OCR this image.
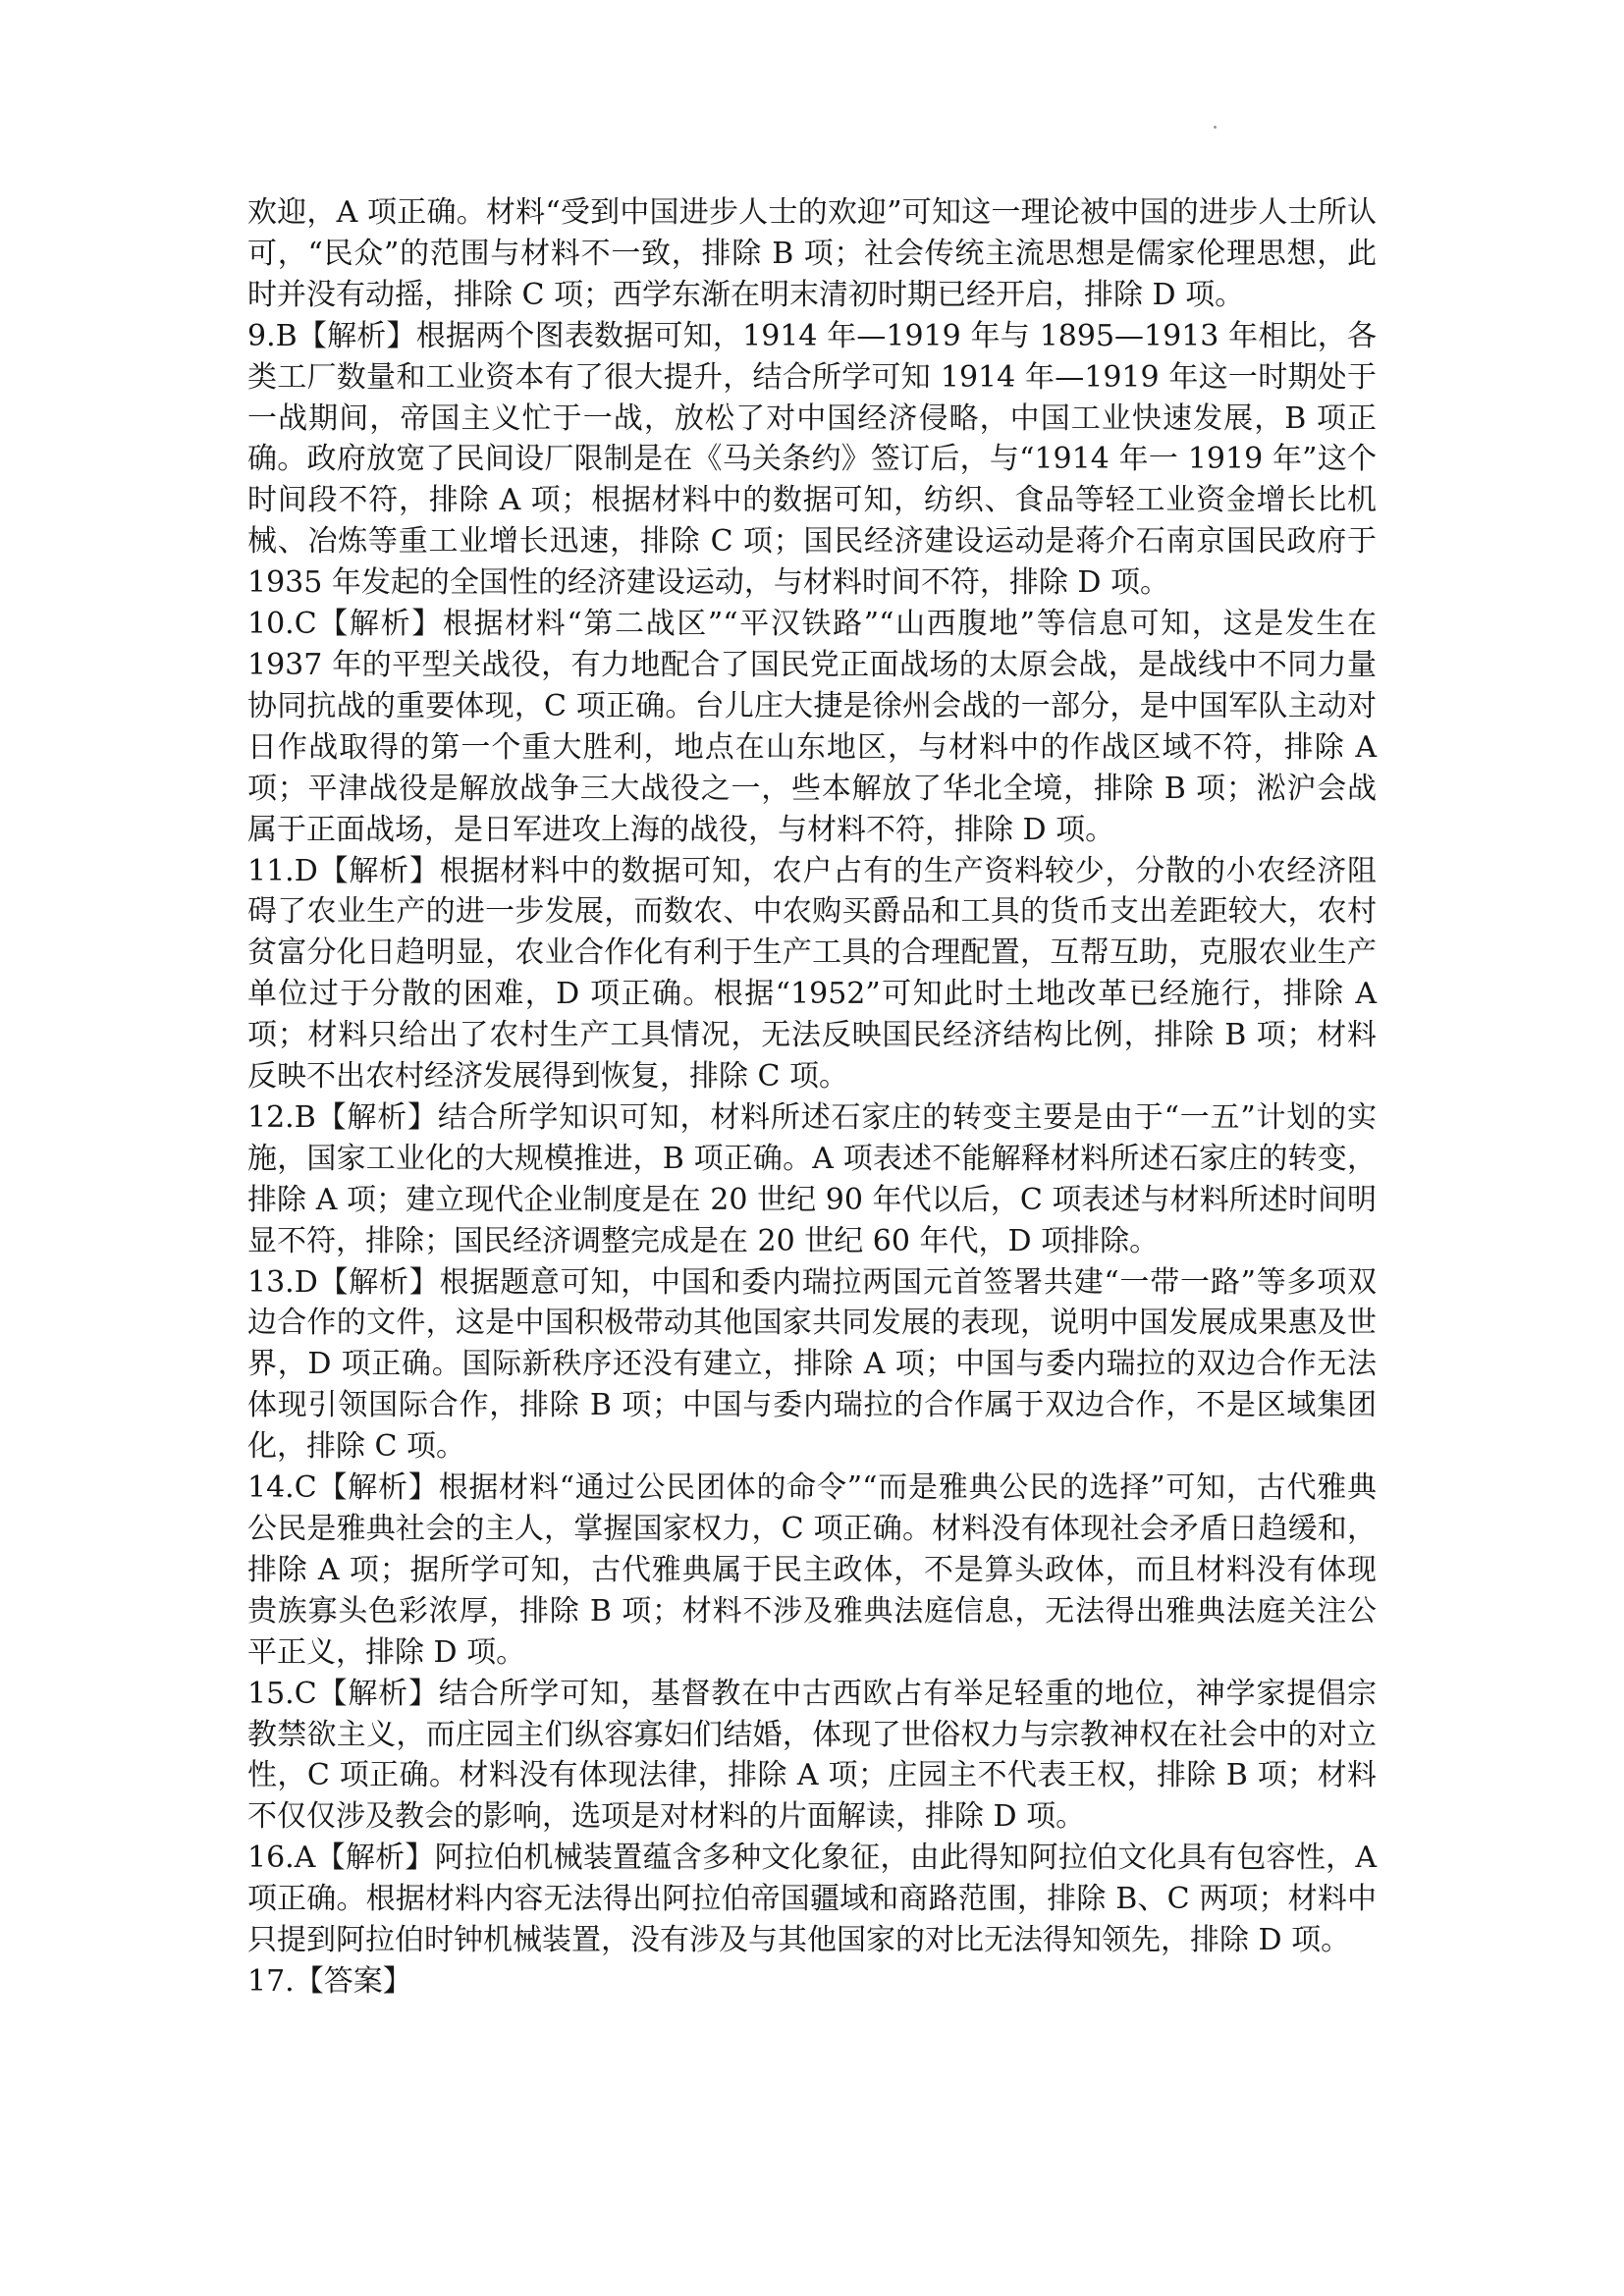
欢迎，A 项正确。材料“受到中国进步人士的欢迎”可知这一理论被中国的进步人士所认可，“民众”的范围与材料不一致，排除 B 项；社会传统主流思想是儒家伦理思想，此时并没有动摇，排除 C 项；西学东渐在明末清初时期已经开启，排除 D 项。

9.B【解析】根据两个图表数据可知，1914 年—1919 年与 1895—1913 年相比，各类工厂数量和工业资本有了很大提升，结合所学可知 1914 年—1919 年这一时期处于一战期间，帝国主义忙于一战，放松了对中国经济侵略，中国工业快速发展，B 项正确。政府放宽了民间设厂限制是在《马关条约》签订后，与“1914 年一 1919 年”这个时间段不符，排除 A 项；根据材料中的数据可知，纺织、食品等轻工业资金增长比机械、冶炼等重工业增长迅速，排除 C 项；国民经济建设运动是蒋介石南京国民政府于 1935 年发起的全国性的经济建设运动，与材料时间不符，排除 D 项。

10.C【解析】根据材料“第二战区”“平汉铁路”“山西腹地”等信息可知，这是发生在 1937 年的平型关战役，有力地配合了国民党正面战场的太原会战，是战线中不同力量协同抗战的重要体现，C 项正确。台儿庄大捷是徐州会战的一部分，是中国军队主动对日作战取得的第一个重大胜利，地点在山东地区，与材料中的作战区域不符，排除 A 项；平津战役是解放战争三大战役之一，些本解放了华北全境，排除 B 项；淞沪会战属于正面战场，是日军进攻上海的战役，与材料不符，排除 D 项。

11.D【解析】根据材料中的数据可知，农户占有的生产资料较少，分散的小农经济阻碍了农业生产的进一步发展，而数农、中农购买爵品和工具的货币支出差距较大，农村贫富分化日趋明显，农业合作化有利于生产工具的合理配置，互帮互助，克服农业生产单位过于分散的困难，D 项正确。根据“1952”可知此时土地改革已经施行，排除 A 项；材料只给出了农村生产工具情况，无法反映国民经济结构比例，排除 B 项；材料反映不出农村经济发展得到恢复，排除 C 项。

12.B【解析】结合所学知识可知，材料所述石家庄的转变主要是由于“一五”计划的实施，国家工业化的大规模推进，B 项正确。A 项表述不能解释材料所述石家庄的转变，排除 A 项；建立现代企业制度是在 20 世纪 90 年代以后，C 项表述与材料所述时间明显不符，排除；国民经济调整完成是在 20 世纪 60 年代，D 项排除。

13.D【解析】根据题意可知，中国和委内瑞拉两国元首签署共建“一带一路”等多项双边合作的文件，这是中国积极带动其他国家共同发展的表现，说明中国发展成果惠及世界，D 项正确。国际新秩序还没有建立，排除 A 项；中国与委内瑞拉的双边合作无法体现引领国际合作，排除 B 项；中国与委内瑞拉的合作属于双边合作，不是区域集团化，排除 C 项。

14.C【解析】根据材料“通过公民团体的命令”“而是雅典公民的选择”可知，古代雅典公民是雅典社会的主人，掌握国家权力，C 项正确。材料没有体现社会矛盾日趋缓和，排除 A 项；据所学可知，古代雅典属于民主政体，不是算头政体，而且材料没有体现贵族寡头色彩浓厚，排除 B 项；材料不涉及雅典法庭信息，无法得出雅典法庭关注公平正义，排除 D 项。

15.C【解析】结合所学可知，基督教在中古西欧占有举足轻重的地位，神学家提倡宗教禁欲主义，而庄园主们纵容寡妇们结婚，体现了世俗权力与宗教神权在社会中的对立性，C 项正确。材料没有体现法律，排除 A 项；庄园主不代表王权，排除 B 项；材料不仅仅涉及教会的影响，选项是对材料的片面解读，排除 D 项。

16.A【解析】阿拉伯机械装置蕴含多种文化象征，由此得知阿拉伯文化具有包容性，A 项正确。根据材料内容无法得出阿拉伯帝国疆域和商路范围，排除 B、C 两项；材料中只提到阿拉伯时钟机械装置，没有涉及与其他国家的对比无法得知领先，排除 D 项。

17.【答案】
